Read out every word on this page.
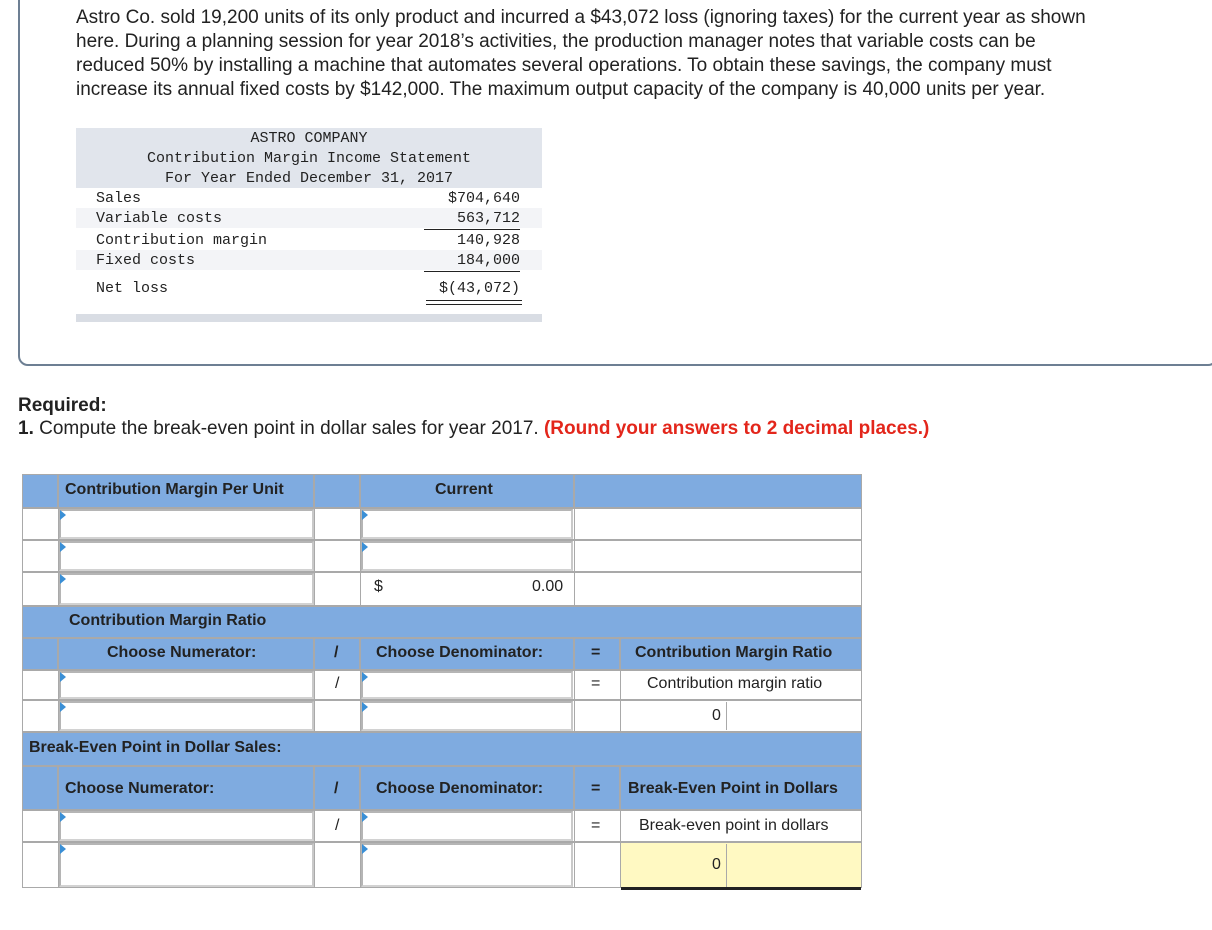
Astro Co. sold 19,200 units of its only product and incurred a $43,072 loss (ignoring taxes) for the current year as shown
here. During a planning session for year 2018’s activities, the production manager notes that variable costs can be
reduced 50% by installing a machine that automates several operations. To obtain these savings, the company must
increase its annual fixed costs by $142,000. The maximum output capacity of the company is 40,000 units per year.
ASTRO COMPANY
Contribution Margin Income Statement
For Year Ended December 31, 2017
Sales	$704,640
Variable costs	563,712
Contribution margin	140,928
Fixed costs	184,000
Net loss	$(43,072)
Required:
1. Compute the break-even point in dollar sales for year 2017. (Round your answers to 2 decimal places.)
Contribution Margin Per Unit	Current
$	0.00
Contribution Margin Ratio
Choose Numerator:	/ Choose Denominator:	= Contribution Margin Ratio
/	=	Contribution margin ratio
0
Break-Even Point in Dollar Sales:
Choose Numerator:	/ Choose Denominator:	= Break-Even Point in Dollars
/	= Break-even point in dollars
0
